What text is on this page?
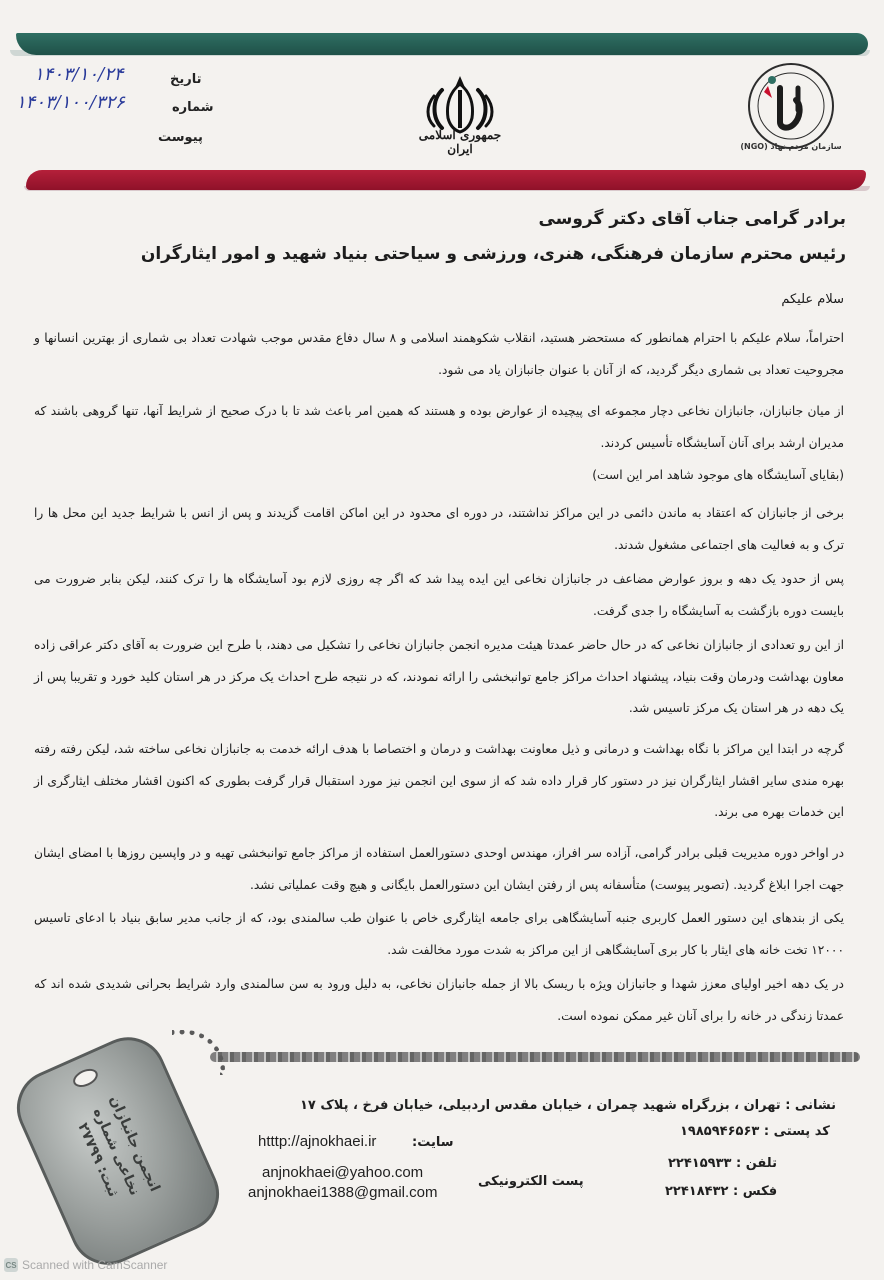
جمهوری اسلامی ایران	سازمان مردم نهاد (NGO)
تاریخ
۱۴۰۳/۱۰/۲۴
شماره
۱۴۰۳/۱۰۰/۳۲۶
پیوست
برادر گرامی جناب آقای دکتر گروسی
رئیس محترم سازمان فرهنگی، هنری، ورزشی و سیاحتی بنیاد شهید و امور ایثارگران
سلام علیکم
احتراماً، سلام علیکم با احترام همانطور که مستحضر هستید، انقلاب شکوهمند اسلامی و ۸ سال دفاع مقدس موجب شهادت تعداد بی شماری از بهترین انسانها و مجروحیت تعداد بی شماری دیگر گردید، که از آنان با عنوان جانبازان یاد می شود.
از میان جانبازان، جانبازان نخاعی دچار مجموعه ای پیچیده از عوارض بوده و هستند که همین امر باعث شد تا با درک صحیح از شرایط آنها، تنها گروهی باشند که مدیران ارشد برای آنان آسایشگاه تأسیس کردند.
(بقایای آسایشگاه های موجود شاهد امر این است)
برخی از جانبازان که اعتقاد به ماندن دائمی در این مراکز نداشتند، در دوره ای محدود در این اماکن اقامت گزیدند و پس از انس با شرایط جدید این محل ها را ترک و به فعالیت های اجتماعی مشغول شدند.
پس از حدود یک دهه و بروز عوارض مضاعف در جانبازان نخاعی این ایده پیدا شد که اگر چه روزی لازم بود آسایشگاه ها را ترک کنند، لیکن بنابر ضرورت می بایست دوره بازگشت به آسایشگاه را جدی گرفت.
از این رو تعدادی از جانبازان نخاعی که در حال حاضر عمدتا هیئت مدیره انجمن جانبازان نخاعی را تشکیل می دهند، با طرح این ضرورت به آقای دکتر عراقی زاده معاون بهداشت ودرمان وقت بنیاد، پیشنهاد احداث مراکز جامع توانبخشی را ارائه نمودند، که در نتیجه طرح احداث یک مرکز در هر استان کلید خورد و تقریبا پس از یک دهه در هر استان یک مرکز تاسیس شد.
گرچه در ابتدا این مراکز با نگاه بهداشت و درمانی و ذیل معاونت بهداشت و درمان و اختصاصا با هدف ارائه خدمت به جانبازان نخاعی ساخته شد، لیکن رفته رفته بهره مندی سایر اقشار ایثارگران نیز در دستور کار قرار داده شد که از سوی این انجمن نیز مورد استقبال قرار گرفت بطوری که اکنون اقشار مختلف ایثارگری از این خدمات بهره می برند.
در اواخر دوره مدیریت قبلی برادر گرامی، آزاده سر افراز، مهندس اوحدی دستورالعمل استفاده از مراکز جامع توانبخشی تهیه و در واپسین روزها با امضای ایشان جهت اجرا ابلاغ گردید. (تصویر پیوست) متأسفانه پس از رفتن ایشان این دستورالعمل بایگانی و هیچ وقت عملیاتی نشد.
یکی از بندهای این دستور العمل کاربری جنبه آسایشگاهی برای جامعه ایثارگری خاص با عنوان طب سالمندی بود، که از جانب مدیر سابق بنیاد با ادعای تاسیس ۱۲۰۰۰ تخت خانه های ایثار با کار بری آسایشگاهی از این مراکز به شدت مورد مخالفت شد.
در یک دهه اخیر اولیای معزز شهدا و جانبازان ویژه با ریسک بالا از جمله جانبازان نخاعی، به دلیل ورود به سن سالمندی وارد شرایط بحرانی شدیدی شده اند که عمدتا زندگی در خانه را برای آنان غیر ممکن نموده است.
انجمن جانبازان نخاعی شماره ثبت: ۲۷۷۹۹
نشانی : تهران ، بزرگراه شهید چمران ، خیابان مقدس اردبیلی، خیابان فرخ ، پلاک ۱۷
کد پستی : ۱۹۸۵۹۴۶۵۶۳
تلفن : ۲۲۴۱۵۹۳۳
فکس : ۲۲۴۱۸۴۳۲
htttp://ajnokhaei.ir	سایت:
پست الکترونیکی
anjnokhaei@yahoo.com
anjnokhaei1388@gmail.com
CS Scanned with CamScanner
